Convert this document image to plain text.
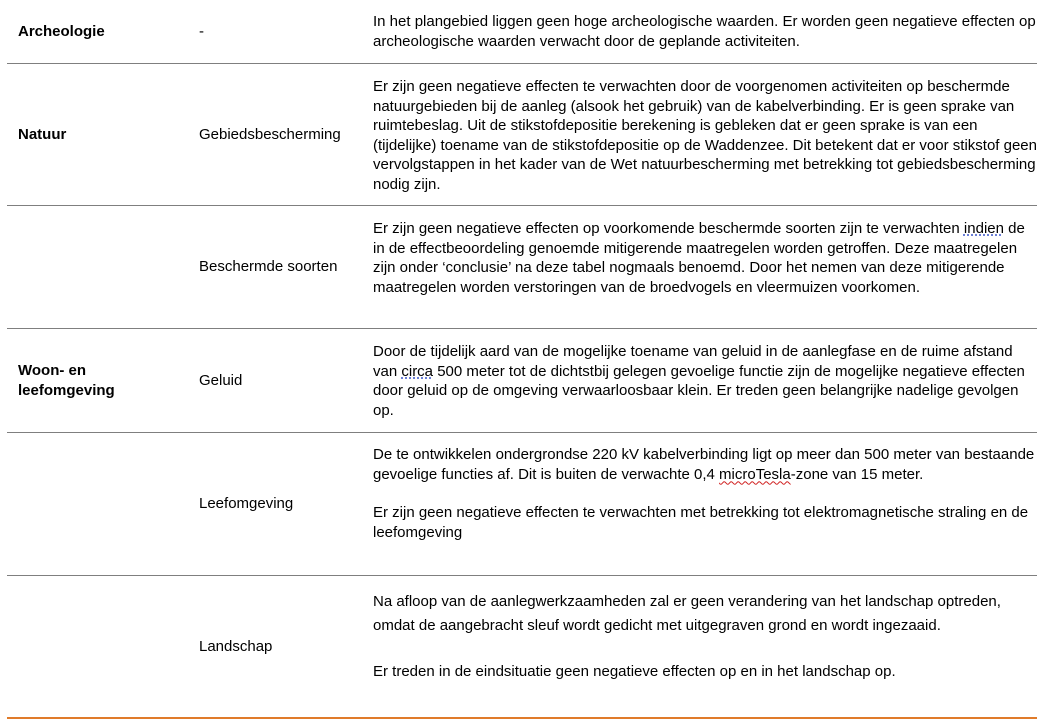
Archeologie	-

In het plangebied liggen geen hoge archeologische waarden. Er worden geen negatieve effecten op archeologische waarden verwacht door de geplande activiteiten.

Natuur	Gebiedsbescherming

Er zijn geen negatieve effecten te verwachten door de voorgenomen activiteiten op beschermde natuurgebieden bij de aanleg (alsook het gebruik) van de kabelverbinding. Er is geen sprake van ruimtebeslag. Uit de stikstofdepositie berekening is gebleken dat er geen sprake is van een (tijdelijke) toename van de stikstofdepositie op de Waddenzee. Dit betekent dat er voor stikstof geen vervolgstappen in het kader van de Wet natuurbescherming met betrekking tot gebiedsbescherming nodig zijn.

Beschermde soorten

Er zijn geen negatieve effecten op voorkomende beschermde soorten zijn te verwachten indien de in de effectbeoordeling genoemde mitigerende maatregelen worden getroffen. Deze maatregelen zijn onder ‘conclusie’ na deze tabel nogmaals benoemd. Door het nemen van deze mitigerende maatregelen worden verstoringen van de broedvogels en vleermuizen voorkomen.

Woon- en leefomgeving
Geluid

Door de tijdelijk aard van de mogelijke toename van geluid in de aanlegfase en de ruime afstand van circa 500 meter tot de dichtstbij gelegen gevoelige functie zijn de mogelijke negatieve effecten door geluid op de omgeving verwaarloosbaar klein. Er treden geen belangrijke nadelige gevolgen op.

Leefomgeving

De te ontwikkelen ondergrondse 220 kV kabelverbinding ligt op meer dan 500 meter van bestaande gevoelige functies af. Dit is buiten de verwachte 0,4 microTesla-zone van 15 meter.

Er zijn geen negatieve effecten te verwachten met betrekking tot elektromagnetische straling en de leefomgeving

Landschap

Na afloop van de aanlegwerkzaamheden zal er geen verandering van het landschap optreden, omdat de aangebracht sleuf wordt gedicht met uitgegraven grond en wordt ingezaaid.

Er treden in de eindsituatie geen negatieve effecten op en in het landschap op.
